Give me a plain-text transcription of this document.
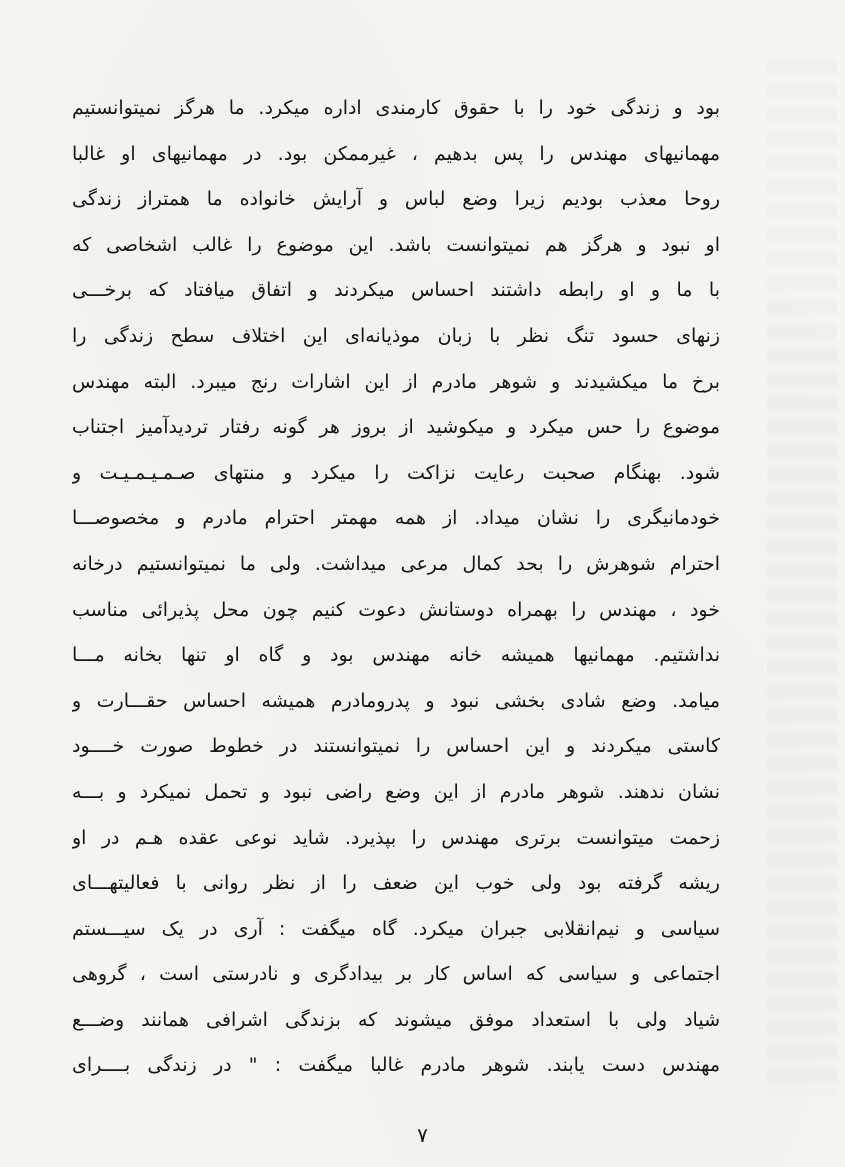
بود و زندگی خود را با حقوق کارمندی اداره میکرد. ما هرگز نمیتوانستیم
مهمانیهای مهندس را پس بدهیم ، غیرممکن بود. در مهمانیهای او غالبا
روحا معذب بودیم زیرا وضع لباس و آرایش خانواده ما همتراز زندگی
او نبود و هرگز هم نمیتوانست باشد. این موضوع را غالب اشخاصی که
با ما و او رابطه داشتند احساس میکردند و اتفاق میافتاد که برخـــی
زنهای حسود تنگ نظر با زبان موذیانه‌ای این اختلاف سطح زندگی را
برخ ما میکشیدند و شوهر مادرم از این اشارات رنج میبرد. البته مهندس
موضوع را حس میکرد و میکوشید از بروز هر گونه رفتار تردیدآمیز اجتناب
شود. بهنگام صحبت رعایت نزاکت را میکرد و منتهای صـمـیـمـیـت و
خودمانیگری را نشان میداد. از همه مهمتر احترام مادرم و مخصوصـــا
احترام شوهرش را بحد کمال مرعی میداشت. ولی ما نمیتوانستیم درخانه
خود ، مهندس را بهمراه دوستانش دعوت کنیم چون محل پذیرائی مناسب
نداشتیم. مهمانیها همیشه خانه مهندس بود و گاه او تنها بخانه مـــا
میامد. وضع شادی بخشی نبود و پدرومادرم همیشه احساس حقـــارت و
کاستی میکردند و این احساس را نمیتوانستند در خطوط صورت خــــود
نشان ندهند. شوهر مادرم از این وضع راضی نبود و تحمل نمیکرد و بـــه
زحمت میتوانست برتری مهندس را بپذیرد. شاید نوعی عقده هـم در او
ریشه گرفته بود ولی خوب این ضعف را از نظر روانی با فعالیتهـــای
سیاسی و نیم‌انقلابی جبران میکرد. گاه میگفت : آری در یک سیـــستم
اجتماعی و سیاسی که اساس کار بر بیدادگری و نادرستی است ، گروهی
شیاد ولی با استعداد موفق میشوند که بزندگی اشرافی همانند وضـــع
مهندس دست یابند. شوهر مادرم غالبا میگفت : " در زندگی بــــرای
۷
